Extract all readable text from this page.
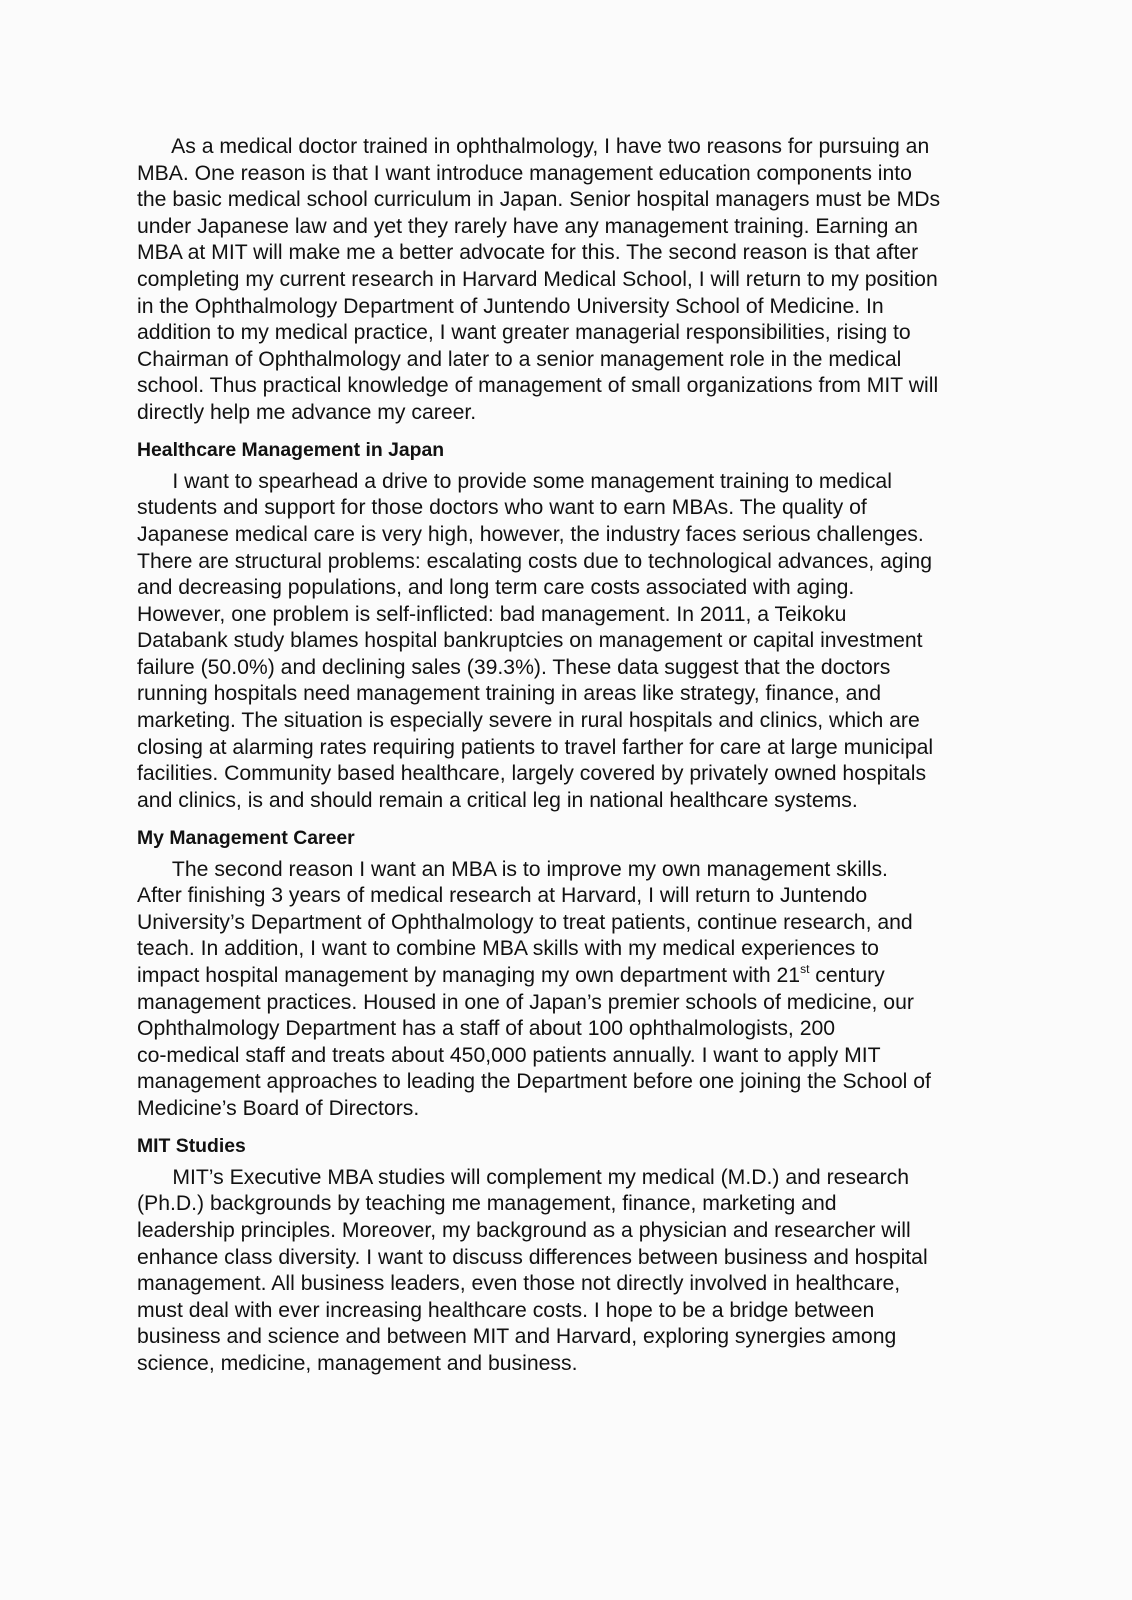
As a medical doctor trained in ophthalmology, I have two reasons for pursuing an
MBA. One reason is that I want introduce management education components into
the basic medical school curriculum in Japan. Senior hospital managers must be MDs
under Japanese law and yet they rarely have any management training. Earning an
MBA at MIT will make me a better advocate for this. The second reason is that after
completing my current research in Harvard Medical School, I will return to my position
in the Ophthalmology Department of Juntendo University School of Medicine. In
addition to my medical practice, I want greater managerial responsibilities, rising to
Chairman of Ophthalmology and later to a senior management role in the medical
school. Thus practical knowledge of management of small organizations from MIT will
directly help me advance my career.
Healthcare Management in Japan
I want to spearhead a drive to provide some management training to medical
students and support for those doctors who want to earn MBAs. The quality of
Japanese medical care is very high, however, the industry faces serious challenges.
There are structural problems: escalating costs due to technological advances, aging
and decreasing populations, and long term care costs associated with aging.
However, one problem is self-inflicted: bad management. In 2011, a Teikoku
Databank study blames hospital bankruptcies on management or capital investment
failure (50.0%) and declining sales (39.3%). These data suggest that the doctors
running hospitals need management training in areas like strategy, finance, and
marketing. The situation is especially severe in rural hospitals and clinics, which are
closing at alarming rates requiring patients to travel farther for care at large municipal
facilities. Community based healthcare, largely covered by privately owned hospitals
and clinics, is and should remain a critical leg in national healthcare systems.
My Management Career
The second reason I want an MBA is to improve my own management skills.
After finishing 3 years of medical research at Harvard, I will return to Juntendo
University’s Department of Ophthalmology to treat patients, continue research, and
teach. In addition, I want to combine MBA skills with my medical experiences to
impact hospital management by managing my own department with 21st century
management practices. Housed in one of Japan’s premier schools of medicine, our
Ophthalmology Department has a staff of about 100 ophthalmologists, 200
co-medical staff and treats about 450,000 patients annually. I want to apply MIT
management approaches to leading the Department before one joining the School of
Medicine’s Board of Directors.
MIT Studies
MIT’s Executive MBA studies will complement my medical (M.D.) and research
(Ph.D.) backgrounds by teaching me management, finance, marketing and
leadership principles. Moreover, my background as a physician and researcher will
enhance class diversity. I want to discuss differences between business and hospital
management. All business leaders, even those not directly involved in healthcare,
must deal with ever increasing healthcare costs. I hope to be a bridge between
business and science and between MIT and Harvard, exploring synergies among
science, medicine, management and business.
